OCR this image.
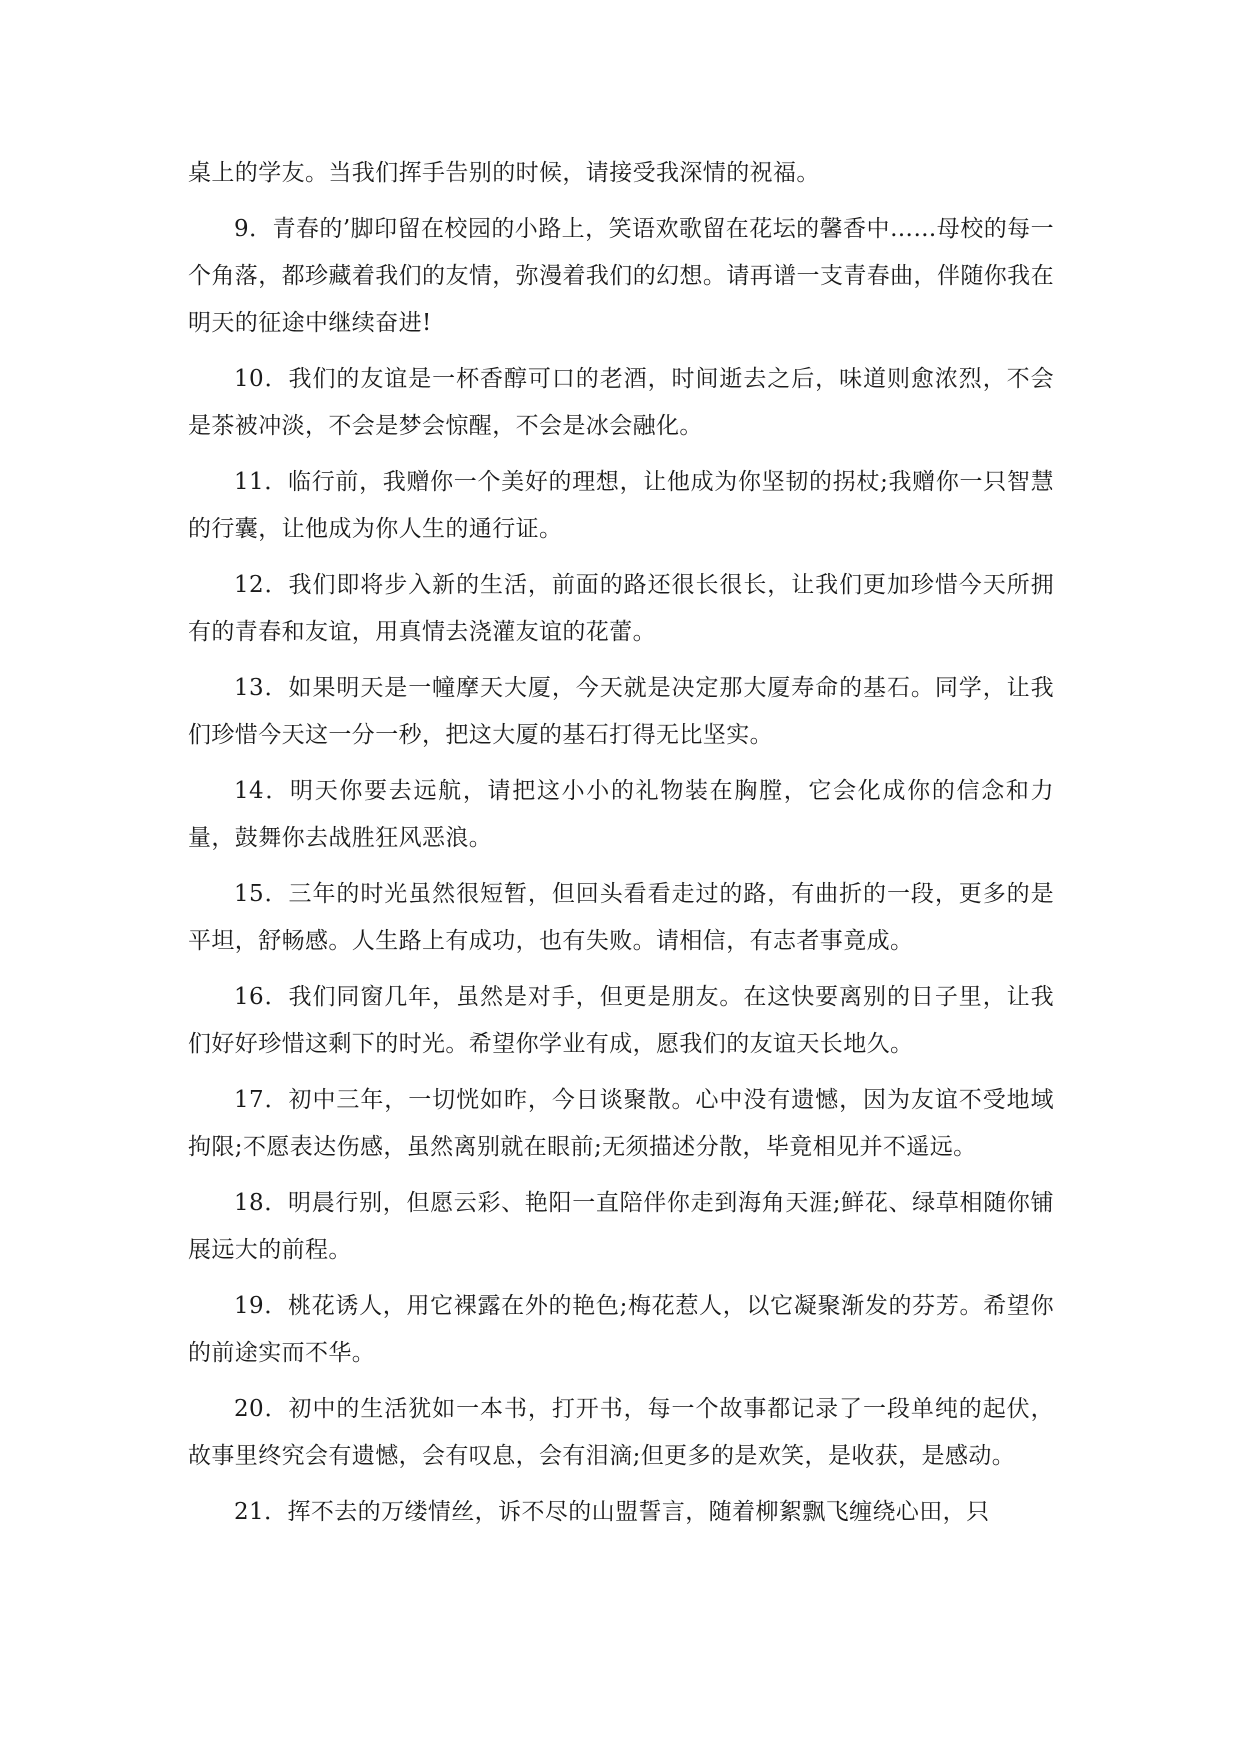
桌上的学友。当我们挥手告别的时候，请接受我深情的祝福。

9．青春的’脚印留在校园的小路上，笑语欢歌留在花坛的馨香中……母校的每一个角落，都珍藏着我们的友情，弥漫着我们的幻想。请再谱一支青春曲，伴随你我在明天的征途中继续奋进!

10．我们的友谊是一杯香醇可口的老酒，时间逝去之后，味道则愈浓烈，不会是茶被冲淡，不会是梦会惊醒，不会是冰会融化。

11．临行前，我赠你一个美好的理想，让他成为你坚韧的拐杖;我赠你一只智慧的行囊，让他成为你人生的通行证。

12．我们即将步入新的生活，前面的路还很长很长，让我们更加珍惜今天所拥有的青春和友谊，用真情去浇灌友谊的花蕾。

13．如果明天是一幢摩天大厦，今天就是决定那大厦寿命的基石。同学，让我们珍惜今天这一分一秒，把这大厦的基石打得无比坚实。

14．明天你要去远航，请把这小小的礼物装在胸膛，它会化成你的信念和力量，鼓舞你去战胜狂风恶浪。

15．三年的时光虽然很短暂，但回头看看走过的路，有曲折的一段，更多的是平坦，舒畅感。人生路上有成功，也有失败。请相信，有志者事竟成。

16．我们同窗几年，虽然是对手，但更是朋友。在这快要离别的日子里，让我们好好珍惜这剩下的时光。希望你学业有成，愿我们的友谊天长地久。

17．初中三年，一切恍如昨，今日谈聚散。心中没有遗憾，因为友谊不受地域拘限;不愿表达伤感，虽然离别就在眼前;无须描述分散，毕竟相见并不遥远。

18．明晨行别，但愿云彩、艳阳一直陪伴你走到海角天涯;鲜花、绿草相随你铺展远大的前程。

19．桃花诱人，用它裸露在外的艳色;梅花惹人，以它凝聚渐发的芬芳。希望你的前途实而不华。

20．初中的生活犹如一本书，打开书，每一个故事都记录了一段单纯的起伏，故事里终究会有遗憾，会有叹息，会有泪滴;但更多的是欢笑，是收获，是感动。

21．挥不去的万缕情丝，诉不尽的山盟誓言，随着柳絮飘飞缠绕心田，只
